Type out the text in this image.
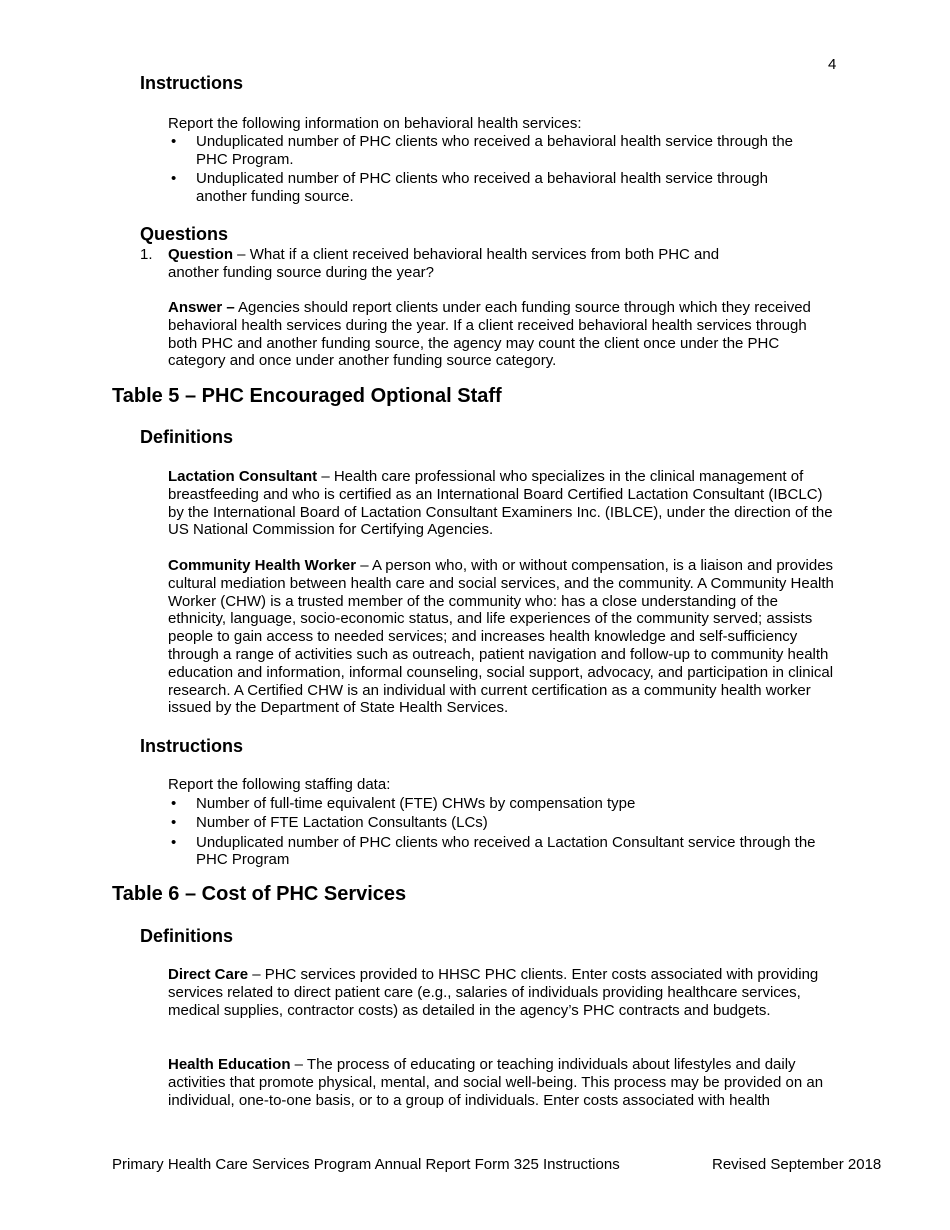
4
Instructions

Report the following information on behavioral health services:

• Unduplicated number of PHC clients who received a behavioral health service through the PHC Program.
• Unduplicated number of PHC clients who received a behavioral health service through another funding source.
Questions
1. Question – What if a client received behavioral health services from both PHC and another funding source during the year?

Answer – Agencies should report clients under each funding source through which they received behavioral health services during the year. If a client received behavioral health services through both PHC and another funding source, the agency may count the client once under the PHC category and once under another funding source category.

Table 5 – PHC Encouraged Optional Staff
Definitions

Lactation Consultant – Health care professional who specializes in the clinical management of breastfeeding and who is certified as an International Board Certified Lactation Consultant (IBCLC) by the International Board of Lactation Consultant Examiners Inc. (IBLCE), under the direction of the US National Commission for Certifying Agencies.

Community Health Worker – A person who, with or without compensation, is a liaison and provides cultural mediation between health care and social services, and the community. A Community Health Worker (CHW) is a trusted member of the community who: has a close understanding of the ethnicity, language, socio-economic status, and life experiences of the community served; assists people to gain access to needed services; and increases health knowledge and self-sufficiency through a range of activities such as outreach, patient navigation and follow-up to community health education and information, informal counseling, social support, advocacy, and participation in clinical research. A Certified CHW is an individual with current certification as a community health worker issued by the Department of State Health Services.

Instructions

Report the following staffing data:

• Number of full-time equivalent (FTE) CHWs by compensation type
• Number of FTE Lactation Consultants (LCs)
• Unduplicated number of PHC clients who received a Lactation Consultant service through the PHC Program
Table 6 – Cost of PHC Services
Definitions

Direct Care – PHC services provided to HHSC PHC clients. Enter costs associated with providing services related to direct patient care (e.g., salaries of individuals providing healthcare services, medical supplies, contractor costs) as detailed in the agency’s PHC contracts and budgets.

Health Education – The process of educating or teaching individuals about lifestyles and daily activities that promote physical, mental, and social well-being. This process may be provided on an individual, one-to-one basis, or to a group of individuals. Enter costs associated with health

Primary Health Care Services Program Annual Report Form 325 Instructions	Revised September 2018
